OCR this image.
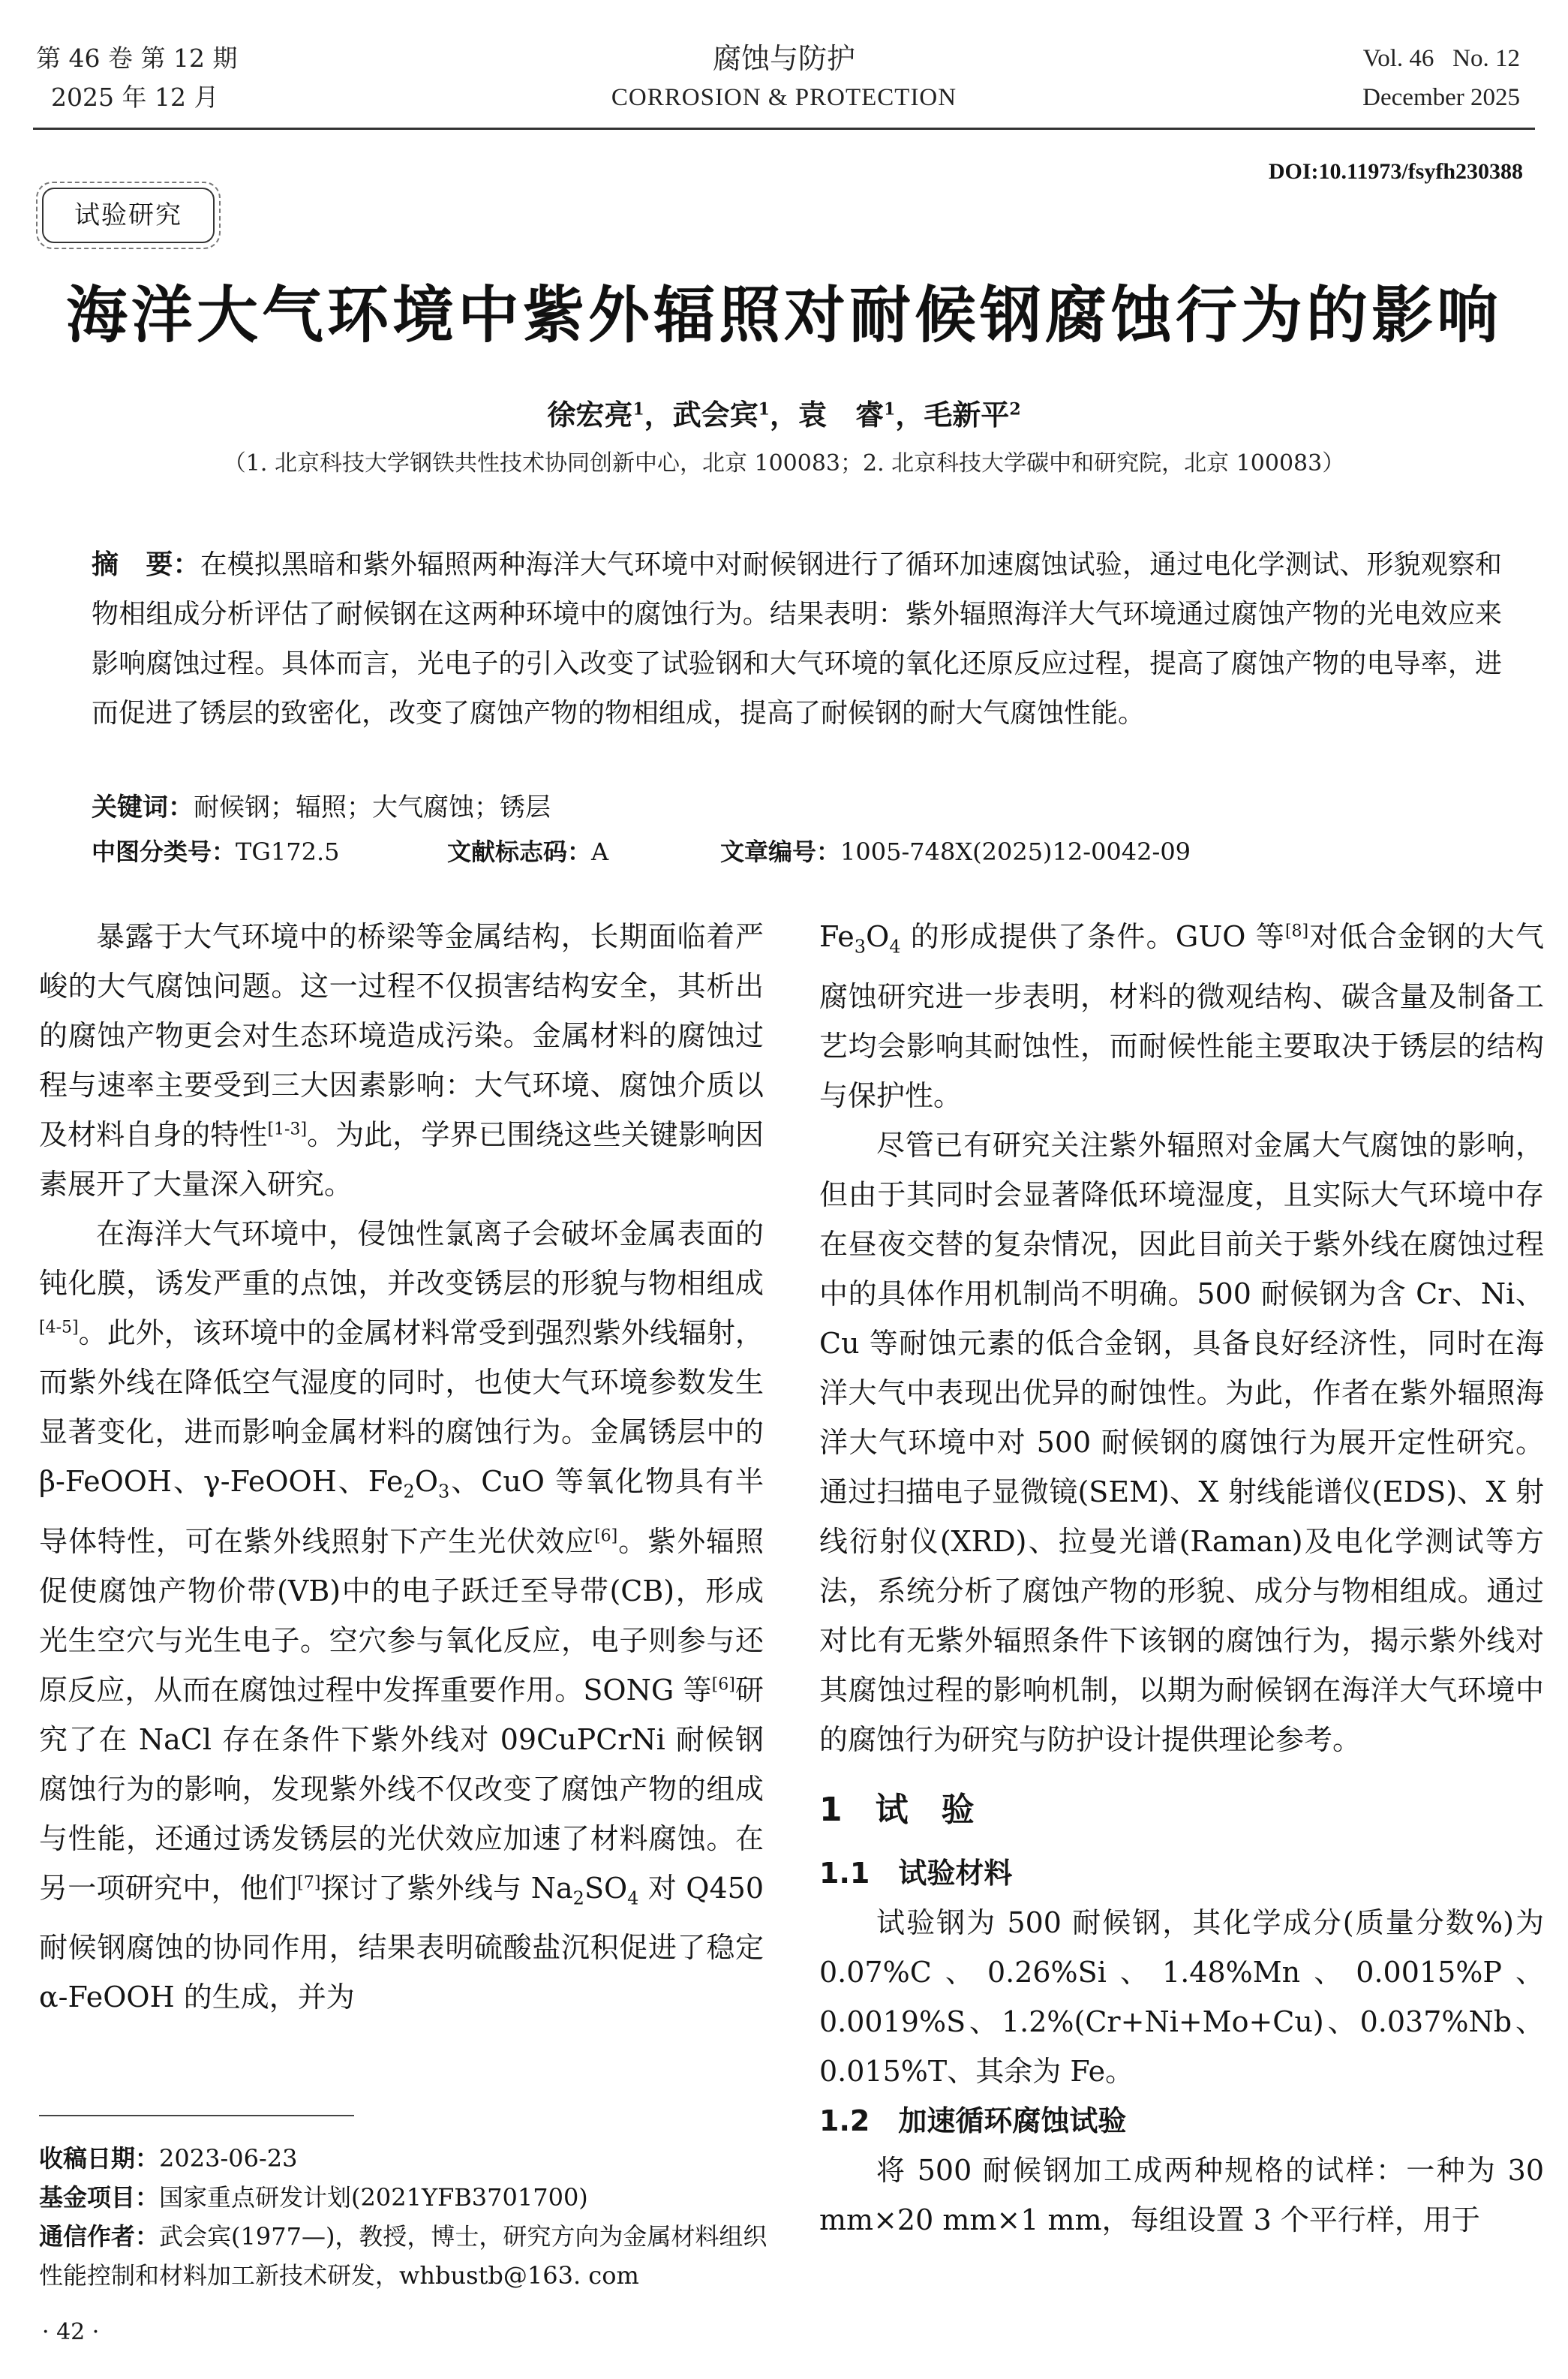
第 46 卷 第 12 期
2025 年 12 月
腐蚀与防护
CORROSION & PROTECTION
Vol. 46   No. 12
December 2025
DOI:10.11973/fsyfh230388
试验研究
海洋大气环境中紫外辐照对耐候钢腐蚀行为的影响
徐宏亮$^1$，武会宾$^1$，袁　睿$^1$，毛新平$^2$
（1. 北京科技大学钢铁共性技术协同创新中心，北京 100083；2. 北京科技大学碳中和研究院，北京 100083）
摘　要：在模拟黑暗和紫外辐照两种海洋大气环境中对耐候钢进行了循环加速腐蚀试验，通过电化学测试、形貌观察和物相组成分析评估了耐候钢在这两种环境中的腐蚀行为。结果表明：紫外辐照海洋大气环境通过腐蚀产物的光电效应来影响腐蚀过程。具体而言，光电子的引入改变了试验钢和大气环境的氧化还原反应过程，提高了腐蚀产物的电导率，进而促进了锈层的致密化，改变了腐蚀产物的物相组成，提高了耐候钢的耐大气腐蚀性能。
关键词：耐候钢；辐照；大气腐蚀；锈层
中图分类号：TG172.5	文献标志码：A	文章编号：1005-748X(2025)12-0042-09

暴露于大气环境中的桥梁等金属结构，长期面临着严峻的大气腐蚀问题。这一过程不仅损害结构安全，其析出的腐蚀产物更会对生态环境造成污染。金属材料的腐蚀过程与速率主要受到三大因素影响：大气环境、腐蚀介质以及材料自身的特性[1-3]。为此，学界已围绕这些关键影响因素展开了大量深入研究。

在海洋大气环境中，侵蚀性氯离子会破坏金属表面的钝化膜，诱发严重的点蚀，并改变锈层的形貌与物相组成[4-5]。此外，该环境中的金属材料常受到强烈紫外线辐射，而紫外线在降低空气湿度的同时，也使大气环境参数发生显著变化，进而影响金属材料的腐蚀行为。金属锈层中的 β-FeOOH、γ-FeOOH、$Fe_2O_3$、CuO 等氧化物具有半导体特性，可在紫外线照射下产生光伏效应[6]。紫外辐照促使腐蚀产物价带(VB)中的电子跃迁至导带(CB)，形成光生空穴与光生电子。空穴参与氧化反应，电子则参与还原反应，从而在腐蚀过程中发挥重要作用。SONG 等[6]研究了在 NaCl 存在条件下紫外线对 09CuPCrNi 耐候钢腐蚀行为的影响，发现紫外线不仅改变了腐蚀产物的组成与性能，还通过诱发锈层的光伏效应加速了材料腐蚀。在另一项研究中，他们[7]探讨了紫外线与 $Na_2SO_4$ 对 Q450 耐候钢腐蚀的协同作用，结果表明硫酸盐沉积促进了稳定 α-FeOOH 的生成，并为

$Fe_3O_4$ 的形成提供了条件。GUO 等[8]对低合金钢的大气腐蚀研究进一步表明，材料的微观结构、碳含量及制备工艺均会影响其耐蚀性，而耐候性能主要取决于锈层的结构与保护性。

尽管已有研究关注紫外辐照对金属大气腐蚀的影响，但由于其同时会显著降低环境湿度，且实际大气环境中存在昼夜交替的复杂情况，因此目前关于紫外线在腐蚀过程中的具体作用机制尚不明确。500 耐候钢为含 Cr、Ni、Cu 等耐蚀元素的低合金钢，具备良好经济性，同时在海洋大气中表现出优异的耐蚀性。为此，作者在紫外辐照海洋大气环境中对 500 耐候钢的腐蚀行为展开定性研究。通过扫描电子显微镜(SEM)、X 射线能谱仪(EDS)、X 射线衍射仪(XRD)、拉曼光谱(Raman)及电化学测试等方法，系统分析了腐蚀产物的形貌、成分与物相组成。通过对比有无紫外辐照条件下该钢的腐蚀行为，揭示紫外线对其腐蚀过程的影响机制，以期为耐候钢在海洋大气环境中的腐蚀行为研究与防护设计提供理论参考。

1　试　验

1.1　试验材料

试验钢为 500 耐候钢，其化学成分(质量分数%)为 0.07%C、0.26%Si、1.48%Mn、0.0015%P、0.0019%S、1.2%(Cr+Ni+Mo+Cu)、0.037%Nb、0.015%T、其余为 Fe。

1.2　加速循环腐蚀试验

将 500 耐候钢加工成两种规格的试样：一种为 30 mm×20 mm×1 mm，每组设置 3 个平行样，用于

收稿日期：2023-06-23
基金项目：国家重点研发计划(2021YFB3701700)
通信作者：武会宾(1977—)，教授，博士，研究方向为金属材料组织性能控制和材料加工新技术研发，whbustb@163. com
· 42 ·
